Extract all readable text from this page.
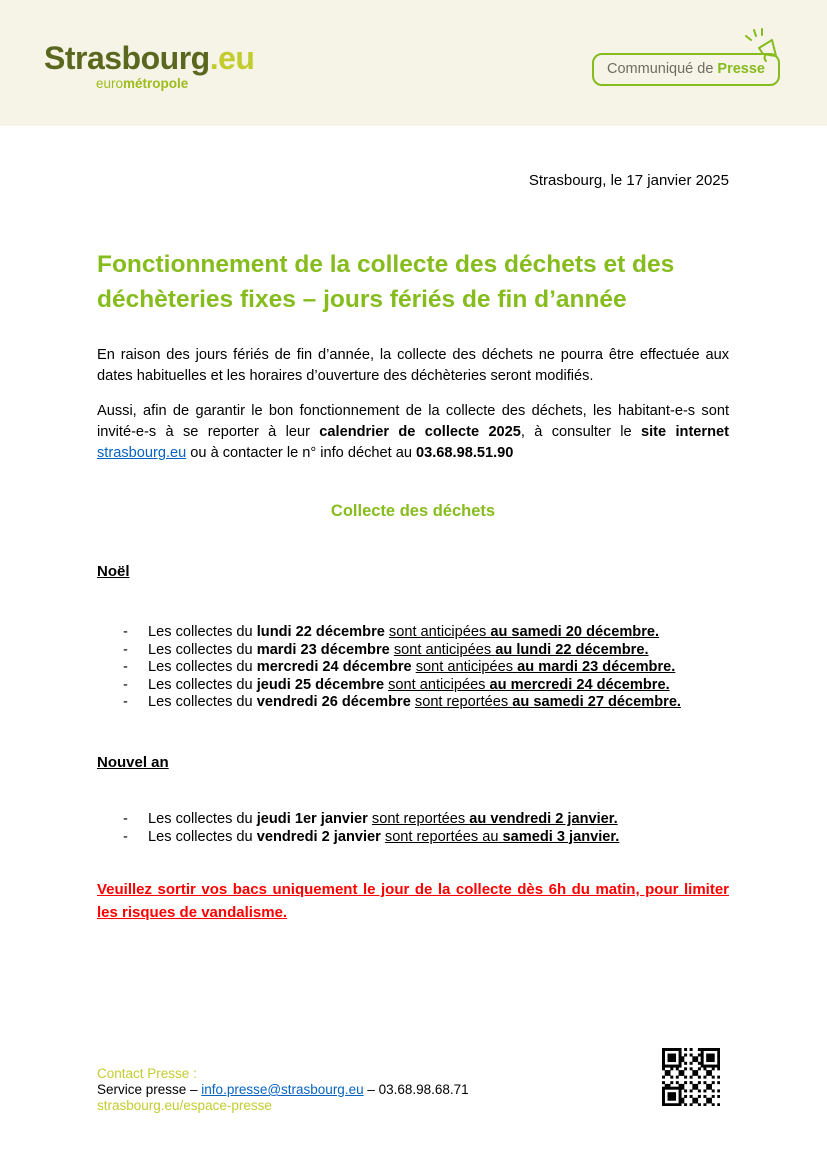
Strasbourg.eu
eurométropole
Communiqué de Presse
Strasbourg, le 17 janvier 2025
Fonctionnement de la collecte des déchets et des déchèteries fixes – jours fériés de fin d’année

En raison des jours fériés de fin d’année, la collecte des déchets ne pourra être effectuée aux dates habituelles et les horaires d’ouverture des déchèteries seront modifiés.

Aussi, afin de garantir le bon fonctionnement de la collecte des déchets, les habitant-e-s sont invité-e-s à se reporter à leur calendrier de collecte 2025, à consulter le site internet strasbourg.eu ou à contacter le n° info déchet au 03.68.98.51.90

Collecte des déchets
Noël
-	Les collectes du lundi 22 décembre sont anticipées au samedi 20 décembre.
-	Les collectes du mardi 23 décembre sont anticipées au lundi 22 décembre.
-	Les collectes du mercredi 24 décembre sont anticipées au mardi 23 décembre.
-	Les collectes du jeudi 25 décembre sont anticipées au mercredi 24 décembre.
-	Les collectes du vendredi 26 décembre sont reportées au samedi 27 décembre.
Nouvel an
-	Les collectes du jeudi 1er janvier sont reportées au vendredi 2 janvier.
-	Les collectes du vendredi 2 janvier sont reportées au samedi 3 janvier.

Veuillez sortir vos bacs uniquement le jour de la collecte dès 6h du matin, pour limiter les risques de vandalisme.

Contact Presse :
Service presse – info.presse@strasbourg.eu – 03.68.98.68.71
strasbourg.eu/espace-presse
